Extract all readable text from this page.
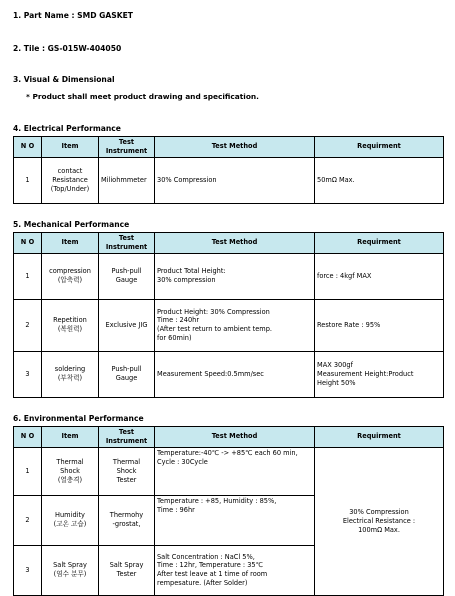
1. Part Name : SMD GASKET
2. Tile : GS-015W-404050
3. Visual & Dimensional
* Product shall meet product drawing and specification.
4. Electrical Performance
N O	Item	Test Instrument	Test Method	Requirment
1	contact
Resistance
(Top/Under)	Miliohmmeter	30% Compression	50mΩ Max.
5. Mechanical Performance
N O	Item	Test Instrument	Test Method	Requirment
1	compression
(압축력)	Push-pull
Gauge	Product Total Height:
30% compression	force : 4kgf MAX
2	Repetition
(복원력)	Exclusive JIG	Product Height: 30% Compression
Time : 240hr
(After test return to ambient temp.
for 60min)	Restore Rate : 95%
3	soldering
(부착력)	Push-pull
Gauge	Measurement Speed:0.5mm/sec	MAX 300gf
Measurement Height:Product
Height 50%
6. Environmental Performance
N O	Item	Test Instrument	Test Method	Requirment
1	Thermal
Shock
(열충격)	Thermal
Shock
Tester	Temperature:-40℃ -> +85℃ each 60 min,
Cycle : 30Cycle	30% Compression
Electrical Resistance :
100mΩ Max.
2	Humidity
(고온 고습)	Thermohy
-grostat,	Temperature : +85, Humidity : 85%,
Time : 96hr	
3	Salt Spray
(염수 분무)	Salt Spray
Tester	Salt Concentration : NaCl 5%,
Time : 12hr, Temperature : 35℃
After test leave at 1 time of room
rempesature. (After Solder)	
